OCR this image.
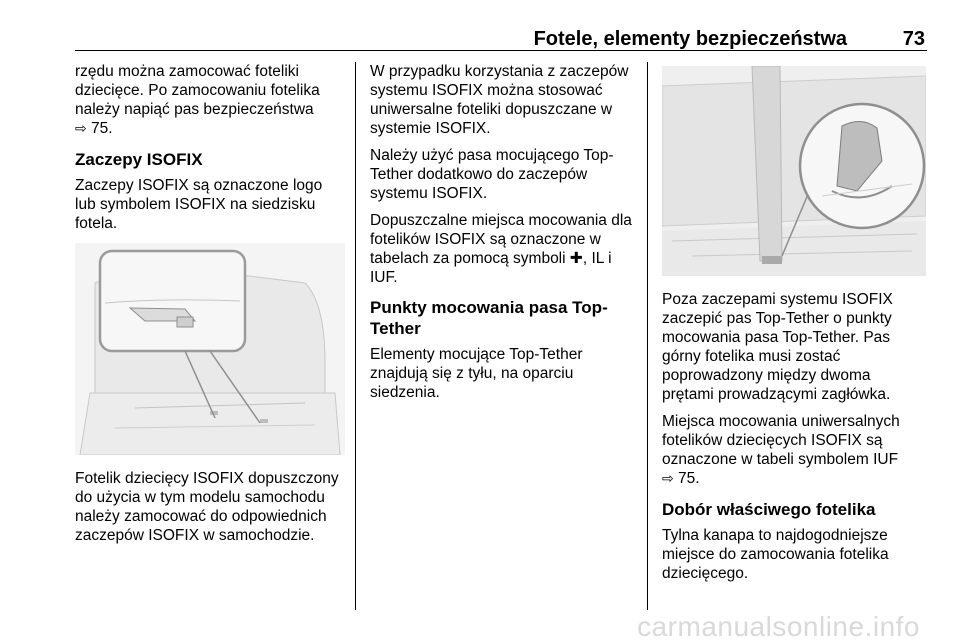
Fotele, elementy bezpieczeństwa	73

rzędu można zamocować foteliki dziecięce. Po zamocowaniu fotelika należy napiąć pas bezpieczeństwa
⇨ 75.

Zaczepy ISOFIX

Zaczepy ISOFIX są oznaczone logo lub symbolem ISOFIX na siedzisku fotela.

Fotelik dziecięcy ISOFIX dopuszczony do użycia w tym modelu samochodu należy zamocować do odpowiednich zaczepów ISOFIX w samochodzie.

W przypadku korzystania z zaczepów systemu ISOFIX można stosować uniwersalne foteliki dopuszczane w systemie ISOFIX.

Należy użyć pasa mocującego Top-Tether dodatkowo do zaczepów systemu ISOFIX.

Dopuszczalne miejsca mocowania dla fotelików ISOFIX są oznaczone w tabelach za pomocą symboli ✚, IL i IUF.

Punkty mocowania pasa Top-Tether

Elementy mocujące Top-Tether znajdują się z tyłu, na oparciu siedzenia.

Poza zaczepami systemu ISOFIX zaczepić pas Top-Tether o punkty mocowania pasa Top-Tether. Pas górny fotelika musi zostać poprowadzony między dwoma prętami prowadzącymi zagłówka.

Miejsca mocowania uniwersalnych fotelików dziecięcych ISOFIX są oznaczone w tabeli symbolem IUF
⇨ 75.

Dobór właściwego fotelika

Tylna kanapa to najdogodniejsze miejsce do zamocowania fotelika dziecięcego.

carmanualsonline.info
